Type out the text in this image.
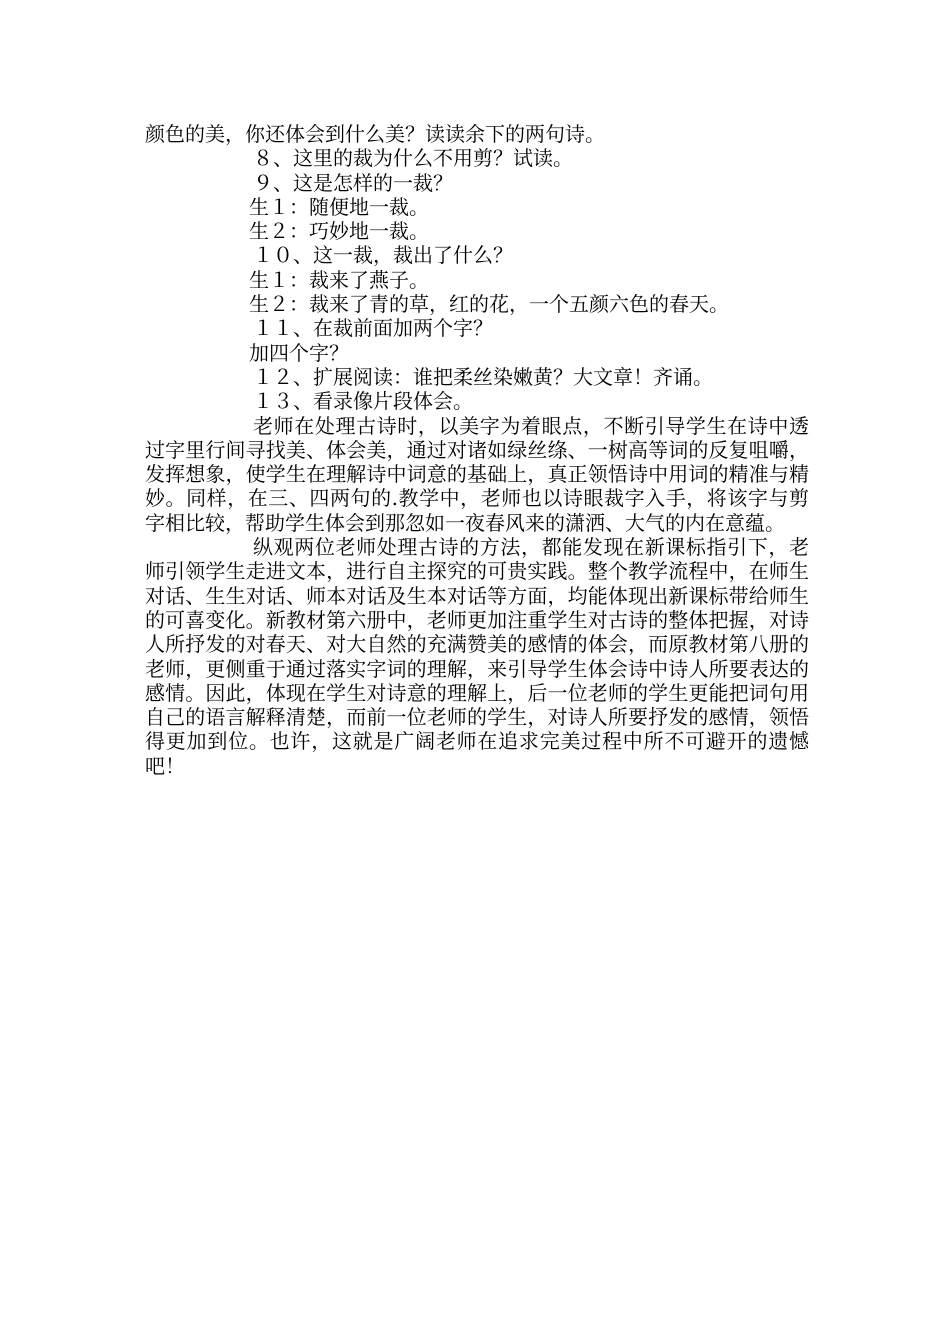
颜色的美，你还体会到什么美？读读余下的两句诗。

８、这里的裁为什么不用剪？试读。

９、这是怎样的一裁？

生１：随便地一裁。

生２：巧妙地一裁。

１０、这一裁，裁出了什么？

生１：裁来了燕子。

生２：裁来了青的草，红的花，一个五颜六色的春天。

１１、在裁前面加两个字？

加四个字？

１２、扩展阅读：谁把柔丝染嫩黄？大文章！齐诵。

１３、看录像片段体会。

老师在处理古诗时，以美字为着眼点，不断引导学生在诗中透过字里行间寻找美、体会美，通过对诸如绿丝绦、一树高等词的反复咀嚼，发挥想象，使学生在理解诗中词意的基础上，真正领悟诗中用词的精准与精妙。同样，在三、四两句的.教学中，老师也以诗眼裁字入手，将该字与剪字相比较，帮助学生体会到那忽如一夜春风来的潇洒、大气的内在意蕴。

纵观两位老师处理古诗的方法，都能发现在新课标指引下，老师引领学生走进文本，进行自主探究的可贵实践。整个教学流程中，在师生对话、生生对话、师本对话及生本对话等方面，均能体现出新课标带给师生的可喜变化。新教材第六册中，老师更加注重学生对古诗的整体把握，对诗人所抒发的对春天、对大自然的充满赞美的感情的体会，而原教材第八册的老师，更侧重于通过落实字词的理解，来引导学生体会诗中诗人所要表达的感情。因此，体现在学生对诗意的理解上，后一位老师的学生更能把词句用自己的语言解释清楚，而前一位老师的学生，对诗人所要抒发的感情，领悟得更加到位。也许，这就是广阔老师在追求完美过程中所不可避开的遗憾吧！
